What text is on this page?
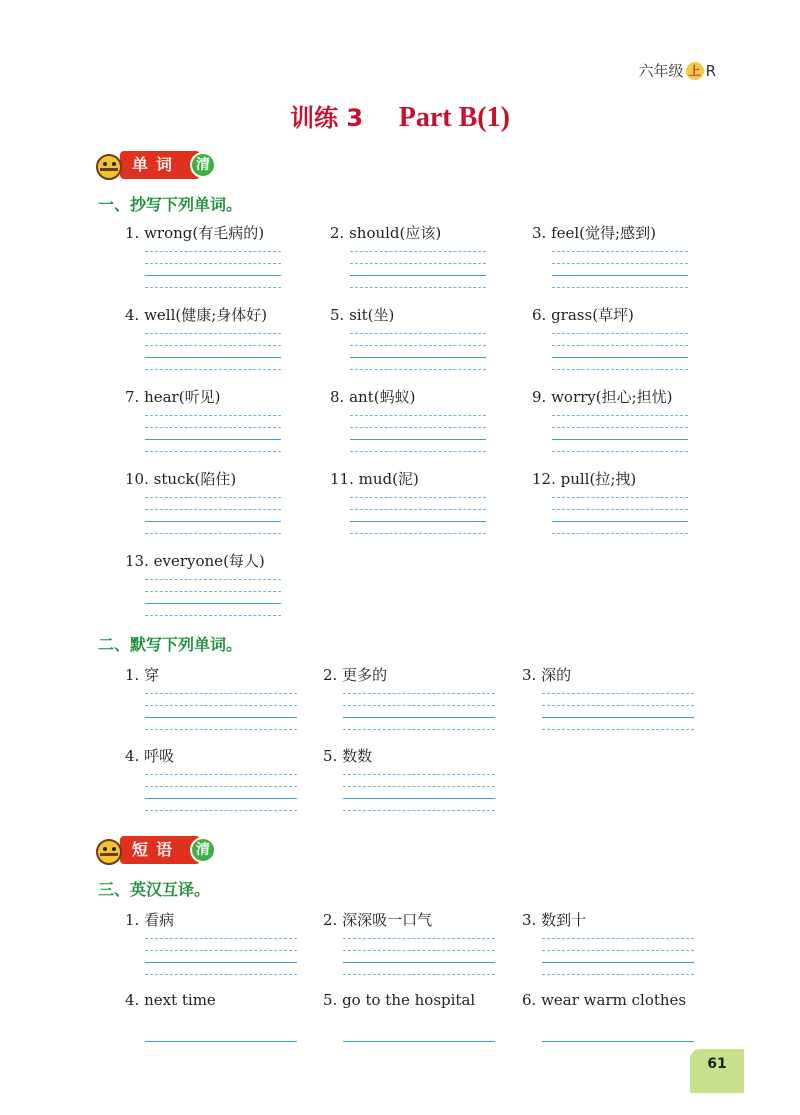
六年级 上 R
训练 3 Part B(1)
单词	清
一、抄写下列单词。
1. wrong(有毛病的)	2. should(应该)	3. feel(觉得;感到)
4. well(健康;身体好)	5. sit(坐)	6. grass(草坪)
7. hear(听见)	8. ant(蚂蚁)	9. worry(担心;担忧)
10. stuck(陷住)	11. mud(泥)	12. pull(拉;拽)
13. everyone(每人)
二、默写下列单词。
1. 穿	2. 更多的	3. 深的
4. 呼吸	5. 数数
短语	清
三、英汉互译。
1. 看病	2. 深深吸一口气	3. 数到十
4. next time	5. go to the hospital	6. wear warm clothes
61
